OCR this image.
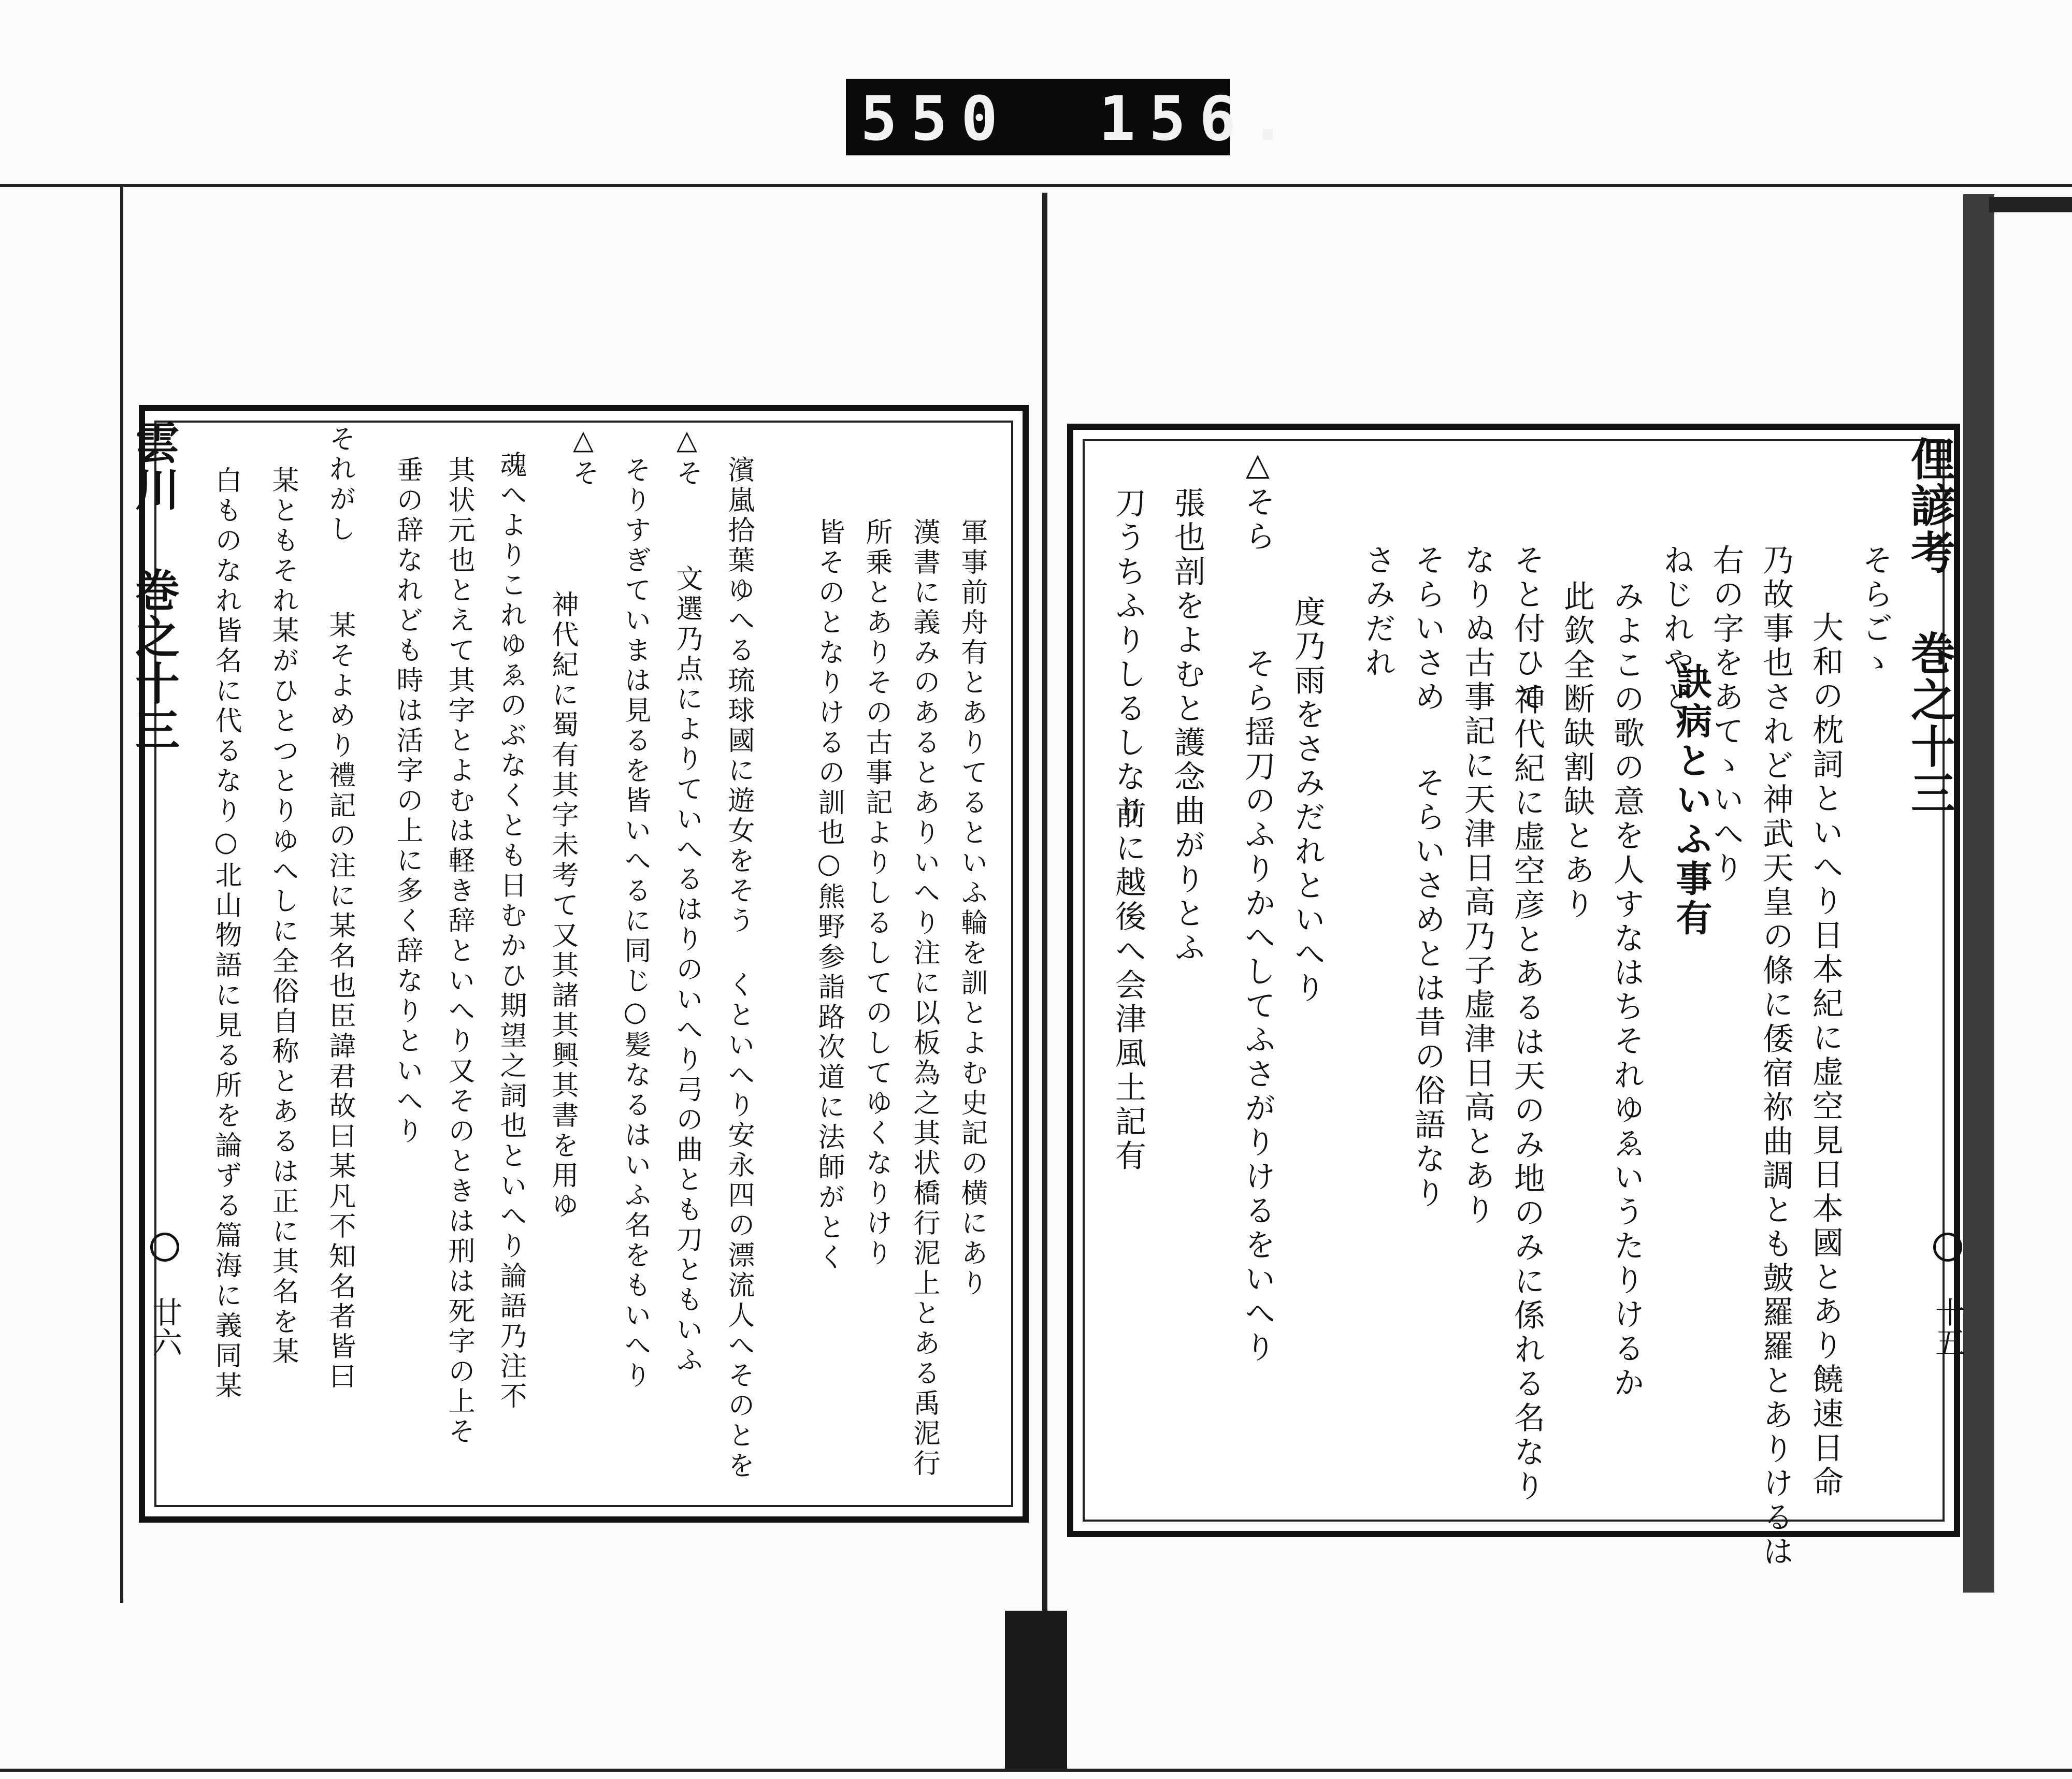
550 156.
俚諺考 巻之十三
十五
そらごゝ
大和の枕詞といへり日本紀に虚空見日本國とあり饒速日命
乃故事也されど神武天皇の條に倭宿祢曲調とも皷羅羅とありけるは
右の字をあてゝいへり
ねじれやと
訣病といふ事有
みよこの歌の意を人すなはちそれゆゑいうたりけるか
此欽全断缺割缺とあり
そと付ひて
神代紀に虚空彦とあるは天のみ地のみに係れる名なり
なりぬ古事記に天津日高乃子虚津日高とあり
そらいさめ
そらいさめとは昔の俗語なり
さみだれ
度乃雨をさみだれといへり
△そら
そら揺刀のふりかへしてふさがりけるをいへり
張也剖をよむと護念曲がりとふ
刀うちふりしるしなり
前に越後へ会津風土記有
雲川 巻之十三
廿六
軍事前舟有とありてるといふ輪を訓とよむ史記の横にあり
漢書に義みのあるとありいへり注に以板為之其状橋行泥上とある禹泥行
所乗とありその古事記よりしるしてのしてゆくなりけり
皆そのとなりけるの訓也○熊野参詣路次道に法師がとく
濱嵐拾葉ゆへる琉球國に遊女をそう くといへり安永四の漂流人へそのとを
△そ
文選乃点によりていへるはりのいへり弓の曲とも刀ともいふ
そりすぎていまは見るを皆いへるに同じ○髪なるはいふ名をもいへり
△そ
神代紀に蜀有其字未考て又其諸其興其書を用ゆ
魂へよりこれゆゑのぶなくとも日むかひ期望之詞也といへり論語乃注不
其状元也とえて其字とよむは軽き辞といへり又そのときは刑は死字の上そ
垂の辞なれども時は活字の上に多く辞なりといへり
それがし
某そよめり禮記の注に某名也臣諱君故曰某凡不知名者皆曰
某ともそれ某がひとつとりゆへしに全俗自称とあるは正に其名を某
白ものなれ皆名に代るなり○北山物語に見る所を論ずる篇海に義同某
